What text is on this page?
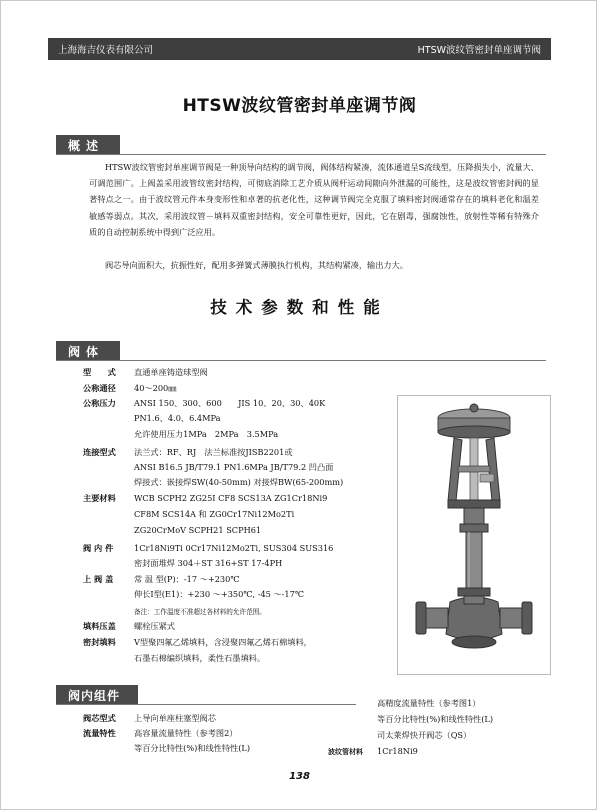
上海海吉仪表有限公司	HTSW波纹管密封单座调节阀
HTSW波纹管密封单座调节阀
概述
HTSW波纹管密封单座调节阀是一种顶导向结构的调节阀，阀体结构紧凑，流体通道呈S流线型，压降损失小，流量大、可调范围广。上阀盖采用波管纹密封结构，可彻底消除工艺介质从阀杆运动间隙向外泄漏的可能性，这是波纹管密封阀的显著特点之一。由于波纹管元件本身变形性和卓著的抗老化性，这种调节阀完全克服了填料密封阀通常存在的填料老化和温差敏感等弱点。其次，采用波纹管－填料双重密封结构，安全可靠性更好，因此，它在剧毒，强腐蚀性，放射性等稀有特殊介质的自动控制系统中得到广泛应用。
阀芯导向面积大，抗振性好，配用多弹簧式薄膜执行机构，其结构紧凑，输出力大。
技术参数和性能
阀体
型　　式 直通单座铸造球型阀
公称通径 40～200㎜
公称压力 ANSI 150、300、600　　JIS 10、20、30、40K
PN1.6、4.0、6.4MPa
允许使用压力1MPa　2MPa　3.5MPa
连接型式 法兰式：RF、RJ　法兰标准按JISB2201或
ANSI B16.5 JB/T79.1 PN1.6MPa JB/T79.2 凹凸面
焊接式：嵌接焊SW(40-50mm) 对接焊BW(65-200mm)
主要材料 WCB SCPH2 ZG25I CF8 SCS13A ZG1Cr18Ni9
CF8M SCS14A 和 ZG0Cr17Ni12Mo2Ti
ZG20CrMoV SCPH21 SCPH61
阀 内 件	1Cr18Ni9Ti 0Cr17Ni12Mo2Ti, SUS304 SUS316
密封面堆焊 304＋ST 316+ST 17-4PH
上 阀 盖	常 温 型(P)：-17 ～+230℃
伸长Ⅰ型(E1)：+230 ～+350℃, -45 ～-17℃
备注：工作温度不准超过各材料的允许范围。
填料压盖 螺栓压紧式
密封填料 V型聚四氟乙烯填料，含浸聚四氟乙烯石棉填料，
石墨石棉编织填料，柔性石墨填料。
阀内组件
阀芯型式 上导向单座柱塞型阀芯
流量特性 高容量流量特性（参考图2）
等百分比特性(%)和线性特性(L)
高精度流量特性（参考图1）
等百分比特性(%)和线性特性(L)
司太莱焊快开阀芯（QS）
波纹管材料 1Cr18Ni9
138
